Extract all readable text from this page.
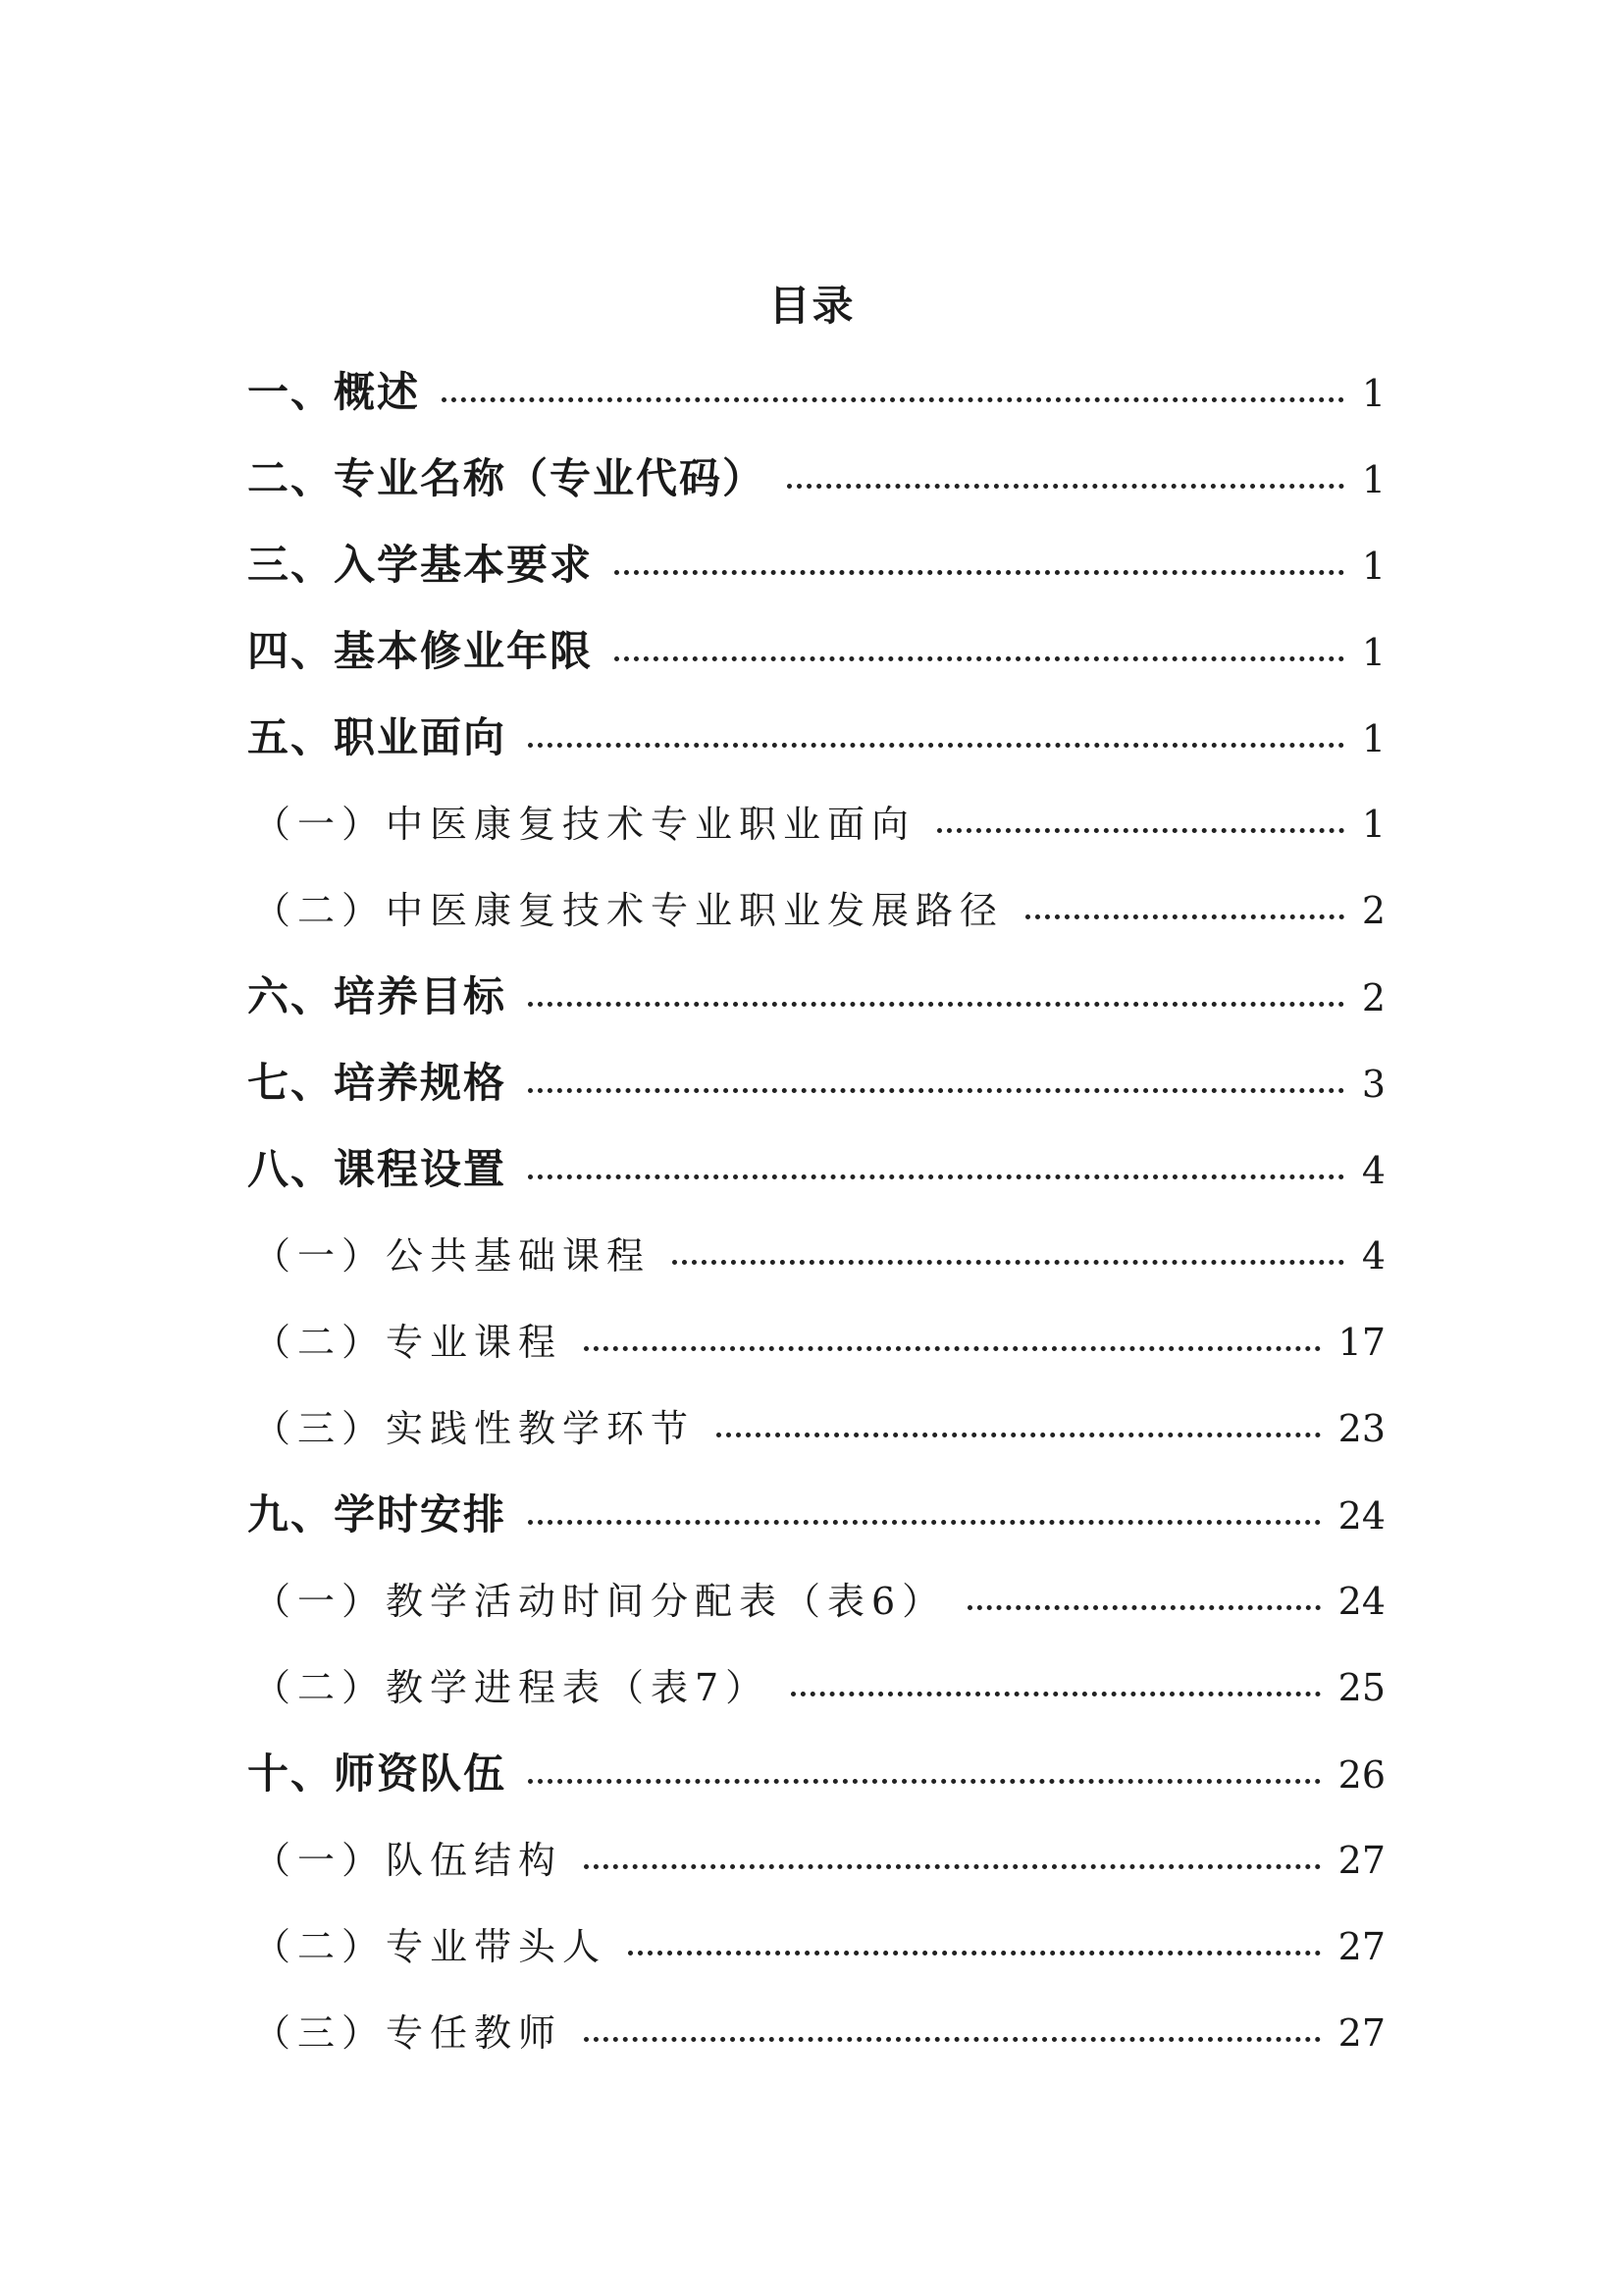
目录
一、概述	1
二、专业名称（专业代码）	1
三、入学基本要求	1
四、基本修业年限	1
五、职业面向	1
（一）中医康复技术专业职业面向	1
（二）中医康复技术专业职业发展路径	2
六、培养目标	2
七、培养规格	3
八、课程设置	4
（一）公共基础课程	4
（二）专业课程	17
（三）实践性教学环节	23
九、学时安排	24
（一）教学活动时间分配表（表6）	24
（二）教学进程表（表7）	25
十、师资队伍	26
（一）队伍结构	27
（二）专业带头人	27
（三）专任教师	27
